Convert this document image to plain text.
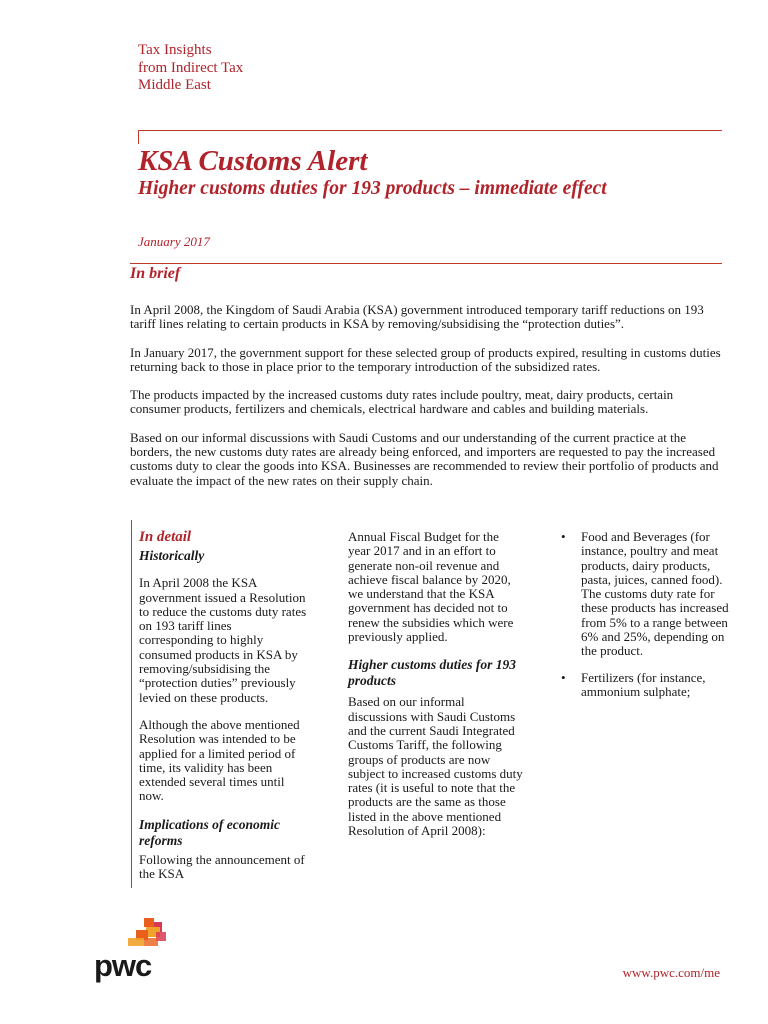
Tax Insights
from Indirect Tax
Middle East
KSA Customs Alert
Higher customs duties for 193 products – immediate effect
January 2017
In brief

In April 2008, the Kingdom of Saudi Arabia (KSA) government introduced temporary tariff reductions on 193 tariff lines relating to certain products in KSA by removing/subsidising the “protection duties”.

In January 2017, the government support for these selected group of products expired, resulting in customs duties returning back to those in place prior to the temporary introduction of the subsidized rates.

The products impacted by the increased customs duty rates include poultry, meat, dairy products, certain consumer products, fertilizers and chemicals, electrical hardware and cables and building materials.

Based on our informal discussions with Saudi Customs and our understanding of the current practice at the borders, the new customs duty rates are already being enforced, and importers are requested to pay the increased customs duty to clear the goods into KSA. Businesses are recommended to review their portfolio of products and evaluate the impact of the new rates on their supply chain.

In detail
Historically

In April 2008 the KSA government issued a Resolution to reduce the customs duty rates on 193 tariff lines corresponding to highly consumed products in KSA by removing/subsidising the “protection duties” previously levied on these products.

Although the above mentioned Resolution was intended to be applied for a limited period of time, its validity has been extended several times until now.

Implications of economic reforms

Following the announcement of the KSA

Annual Fiscal Budget for the year 2017 and in an effort to generate non-oil revenue and achieve fiscal balance by 2020, we understand that the KSA government has decided not to renew the subsidies which were previously applied.

Higher customs duties for 193 products

Based on our informal discussions with Saudi Customs and the current Saudi Integrated Customs Tariff, the following groups of products are now subject to increased customs duty rates (it is useful to note that the products are the same as those listed in the above mentioned Resolution of April 2008):

• Food and Beverages (for instance, poultry and meat products, dairy products, pasta, juices, canned food). The customs duty rate for these products has increased from 5% to a range between 6% and 25%, depending on the product.
• Fertilizers (for instance, ammonium sulphate;
pwc	www.pwc.com/me
